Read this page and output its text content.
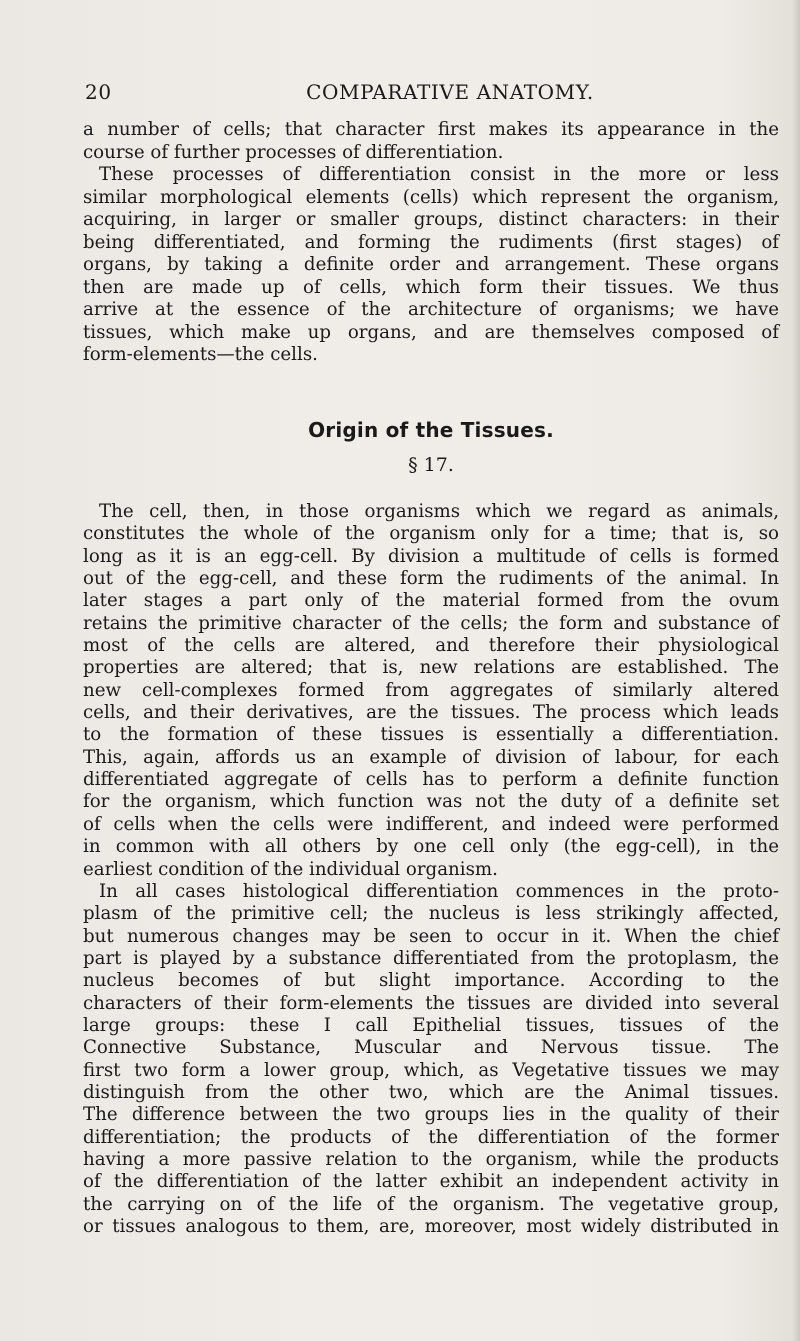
20	COMPARATIVE ANATOMY.
a number of cells; that character first makes its appearance in the
course of further processes of differentiation.
These processes of differentiation consist in the more or less
similar morphological elements (cells) which represent the organism,
acquiring, in larger or smaller groups, distinct characters: in their
being differentiated, and forming the rudiments (first stages) of
organs, by taking a definite order and arrangement. These organs
then are made up of cells, which form their tissues. We thus
arrive at the essence of the architecture of organisms; we have
tissues, which make up organs, and are themselves composed of
form-elements—the cells.
Origin of the Tissues.
§ 17.
The cell, then, in those organisms which we regard as animals,
constitutes the whole of the organism only for a time; that is, so
long as it is an egg-cell. By division a multitude of cells is formed
out of the egg-cell, and these form the rudiments of the animal. In
later stages a part only of the material formed from the ovum
retains the primitive character of the cells; the form and substance of
most of the cells are altered, and therefore their physiological
properties are altered; that is, new relations are established. The
new cell-complexes formed from aggregates of similarly altered
cells, and their derivatives, are the tissues. The process which leads
to the formation of these tissues is essentially a differentiation.
This, again, affords us an example of division of labour, for each
differentiated aggregate of cells has to perform a definite function
for the organism, which function was not the duty of a definite set
of cells when the cells were indifferent, and indeed were performed
in common with all others by one cell only (the egg-cell), in the
earliest condition of the individual organism.
In all cases histological differentiation commences in the proto-
plasm of the primitive cell; the nucleus is less strikingly affected,
but numerous changes may be seen to occur in it. When the chief
part is played by a substance differentiated from the protoplasm, the
nucleus becomes of but slight importance. According to the
characters of their form-elements the tissues are divided into several
large groups: these I call Epithelial tissues, tissues of the
Connective Substance, Muscular and Nervous tissue. The
first two form a lower group, which, as Vegetative tissues we may
distinguish from the other two, which are the Animal tissues.
The difference between the two groups lies in the quality of their
differentiation; the products of the differentiation of the former
having a more passive relation to the organism, while the products
of the differentiation of the latter exhibit an independent activity in
the carrying on of the life of the organism. The vegetative group,
or tissues analogous to them, are, moreover, most widely distributed in
